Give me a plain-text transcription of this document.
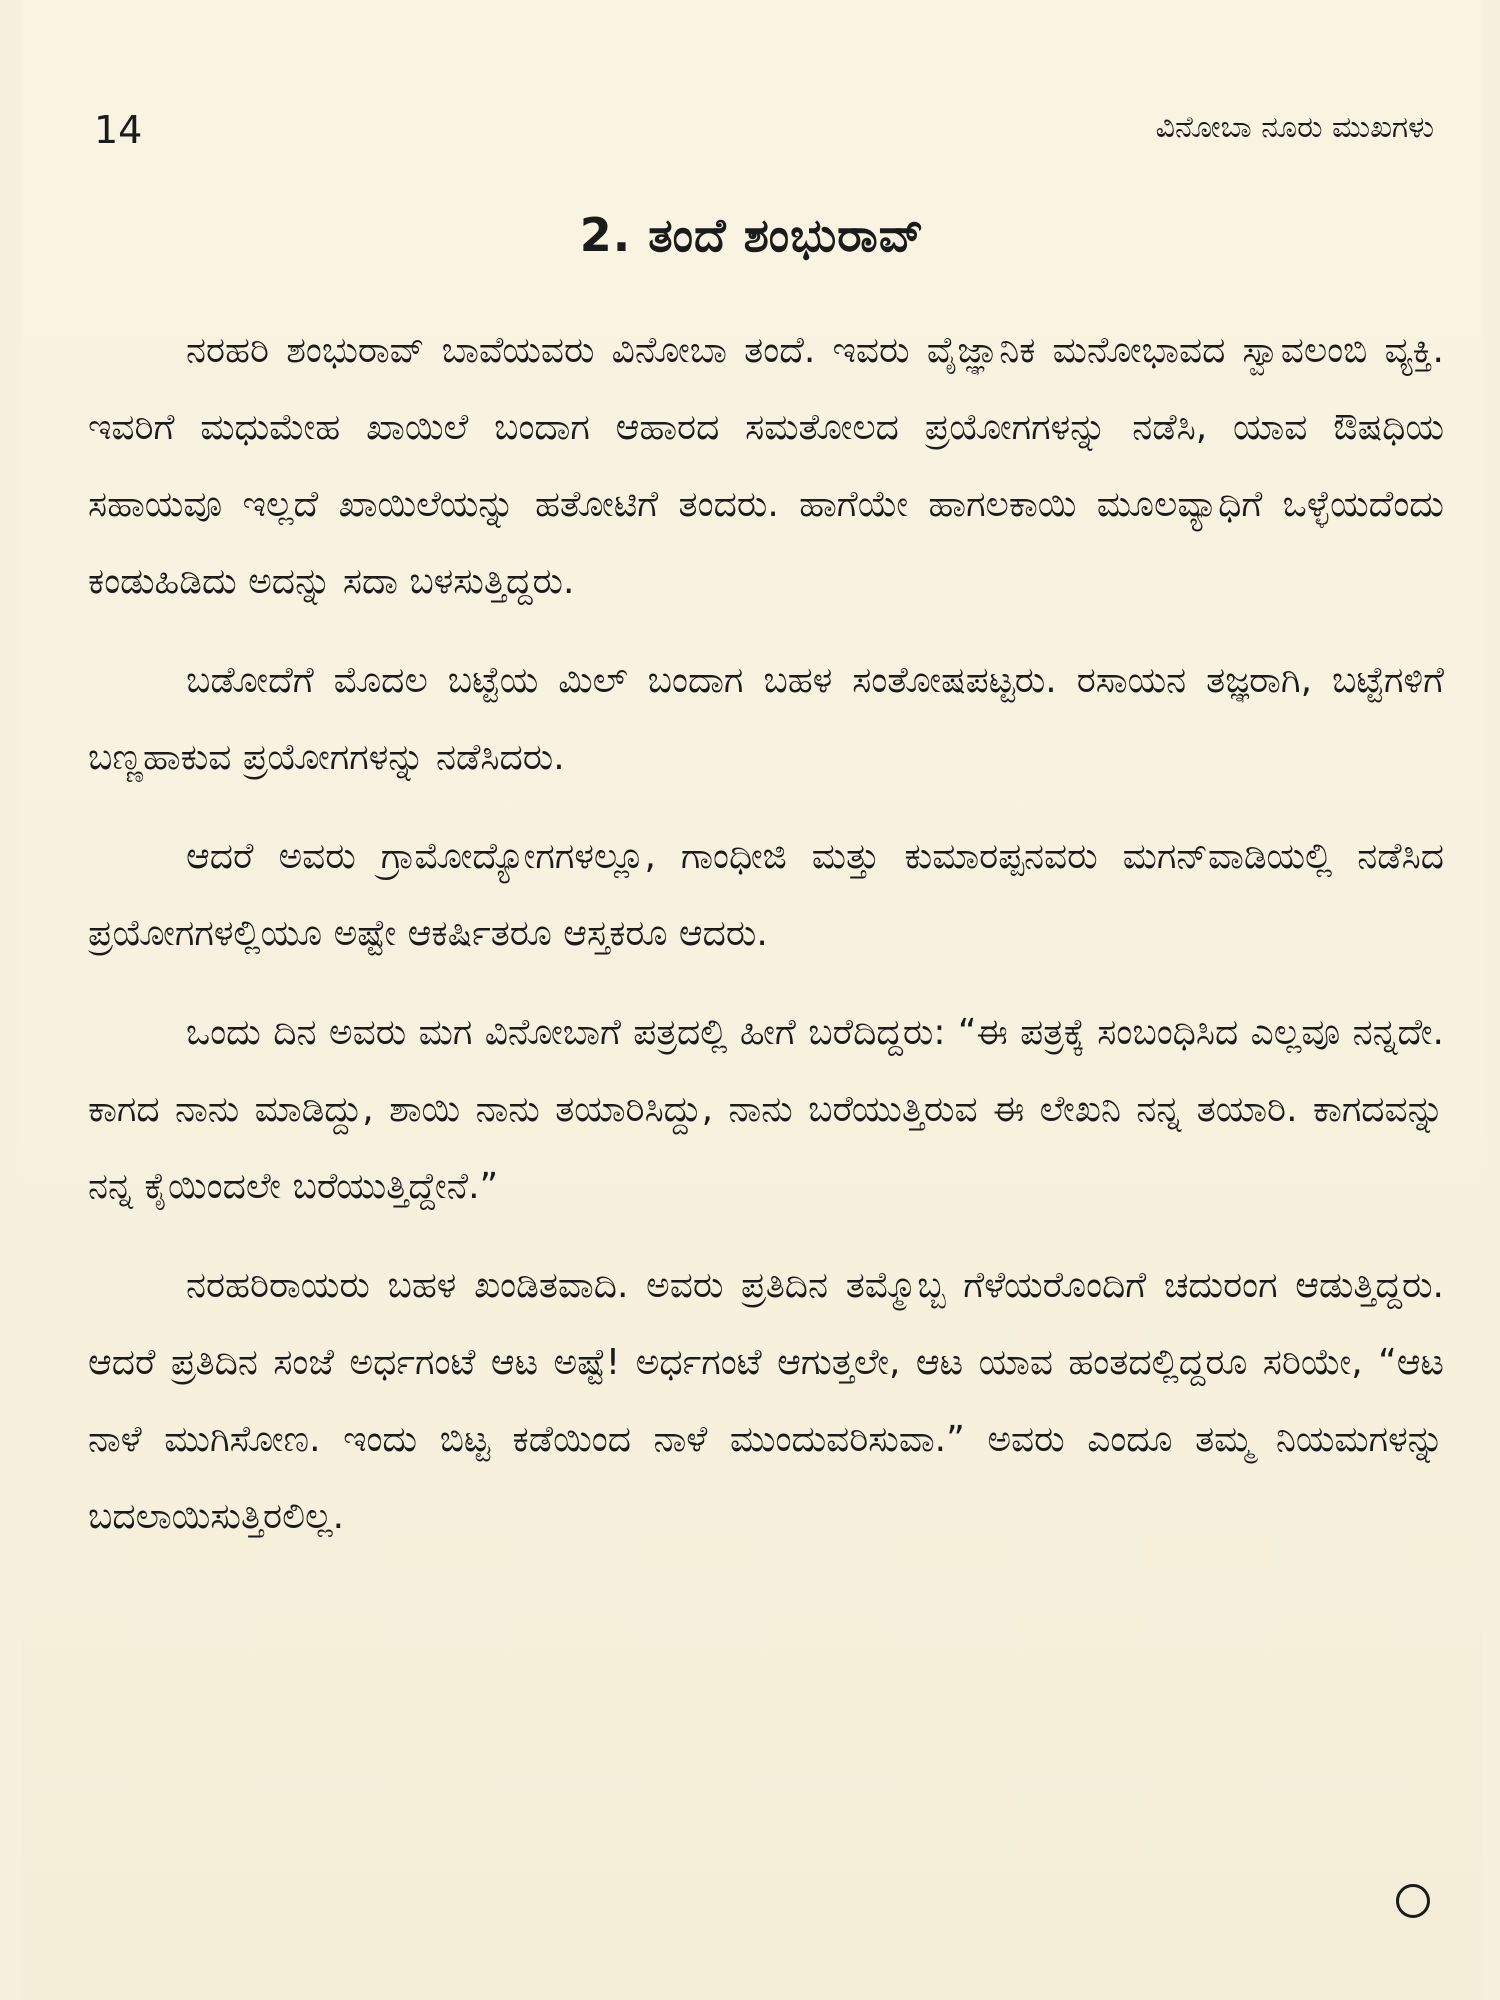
14	ವಿನೋಬಾ ನೂರು ಮುಖಗಳು
2. ತಂದೆ ಶಂಭುರಾವ್

ನರಹರಿ ಶಂಭುರಾವ್ ಬಾವೆಯವರು ವಿನೋಬಾ ತಂದೆ. ಇವರು ವೈಜ್ಞಾನಿಕ ಮನೋಭಾವದ ಸ್ವಾವಲಂಬಿ ವ್ಯಕ್ತಿ. ಇವರಿಗೆ ಮಧುಮೇಹ ಖಾಯಿಲೆ ಬಂದಾಗ ಆಹಾರದ ಸಮತೋಲದ ಪ್ರಯೋಗಗಳನ್ನು ನಡೆಸಿ, ಯಾವ ಔಷಧಿಯ ಸಹಾಯವೂ ಇಲ್ಲದೆ ಖಾಯಿಲೆಯನ್ನು ಹತೋಟಿಗೆ ತಂದರು. ಹಾಗೆಯೇ ಹಾಗಲಕಾಯಿ ಮೂಲವ್ಯಾಧಿಗೆ ಒಳ್ಳೆಯದೆಂದು ಕಂಡುಹಿಡಿದು ಅದನ್ನು ಸದಾ ಬಳಸುತ್ತಿದ್ದರು.

ಬಡೋದೆಗೆ ಮೊದಲ ಬಟ್ಟೆಯ ಮಿಲ್ ಬಂದಾಗ ಬಹಳ ಸಂತೋಷಪಟ್ಟರು. ರಸಾಯನ ತಜ್ಞರಾಗಿ, ಬಟ್ಟೆಗಳಿಗೆ ಬಣ್ಣಹಾಕುವ ಪ್ರಯೋಗಗಳನ್ನು ನಡೆಸಿದರು.

ಆದರೆ ಅವರು ಗ್ರಾಮೋದ್ಯೋಗಗಳಲ್ಲೂ, ಗಾಂಧೀಜಿ ಮತ್ತು ಕುಮಾರಪ್ಪನವರು ಮಗನ್‌ವಾಡಿಯಲ್ಲಿ ನಡೆಸಿದ ಪ್ರಯೋಗಗಳಲ್ಲಿಯೂ ಅಷ್ಟೇ ಆಕರ್ಷಿತರೂ ಆಸ್ತಕರೂ ಆದರು.

ಒಂದು ದಿನ ಅವರು ಮಗ ವಿನೋಬಾಗೆ ಪತ್ರದಲ್ಲಿ ಹೀಗೆ ಬರೆದಿದ್ದರು: “ಈ ಪತ್ರಕ್ಕೆ ಸಂಬಂಧಿಸಿದ ಎಲ್ಲವೂ ನನ್ನದೇ. ಕಾಗದ ನಾನು ಮಾಡಿದ್ದು, ಶಾಯಿ ನಾನು ತಯಾರಿಸಿದ್ದು, ನಾನು ಬರೆಯುತ್ತಿರುವ ಈ ಲೇಖನಿ ನನ್ನ ತಯಾರಿ. ಕಾಗದವನ್ನು ನನ್ನ ಕೈಯಿಂದಲೇ ಬರೆಯುತ್ತಿದ್ದೇನೆ.”

ನರಹರಿರಾಯರು ಬಹಳ ಖಂಡಿತವಾದಿ. ಅವರು ಪ್ರತಿದಿನ ತಮ್ಮೊಬ್ಬ ಗೆಳೆಯರೊಂದಿಗೆ ಚದುರಂಗ ಆಡುತ್ತಿದ್ದರು. ಆದರೆ ಪ್ರತಿದಿನ ಸಂಜೆ ಅರ್ಧಗಂಟೆ ಆಟ ಅಷ್ಟೆ! ಅರ್ಧಗಂಟೆ ಆಗುತ್ತಲೇ, ಆಟ ಯಾವ ಹಂತದಲ್ಲಿದ್ದರೂ ಸರಿಯೇ, “ಆಟ ನಾಳೆ ಮುಗಿಸೋಣ. ಇಂದು ಬಿಟ್ಟ ಕಡೆಯಿಂದ ನಾಳೆ ಮುಂದುವರಿಸುವಾ.” ಅವರು ಎಂದೂ ತಮ್ಮ ನಿಯಮಗಳನ್ನು ಬದಲಾಯಿಸುತ್ತಿರಲಿಲ್ಲ.
